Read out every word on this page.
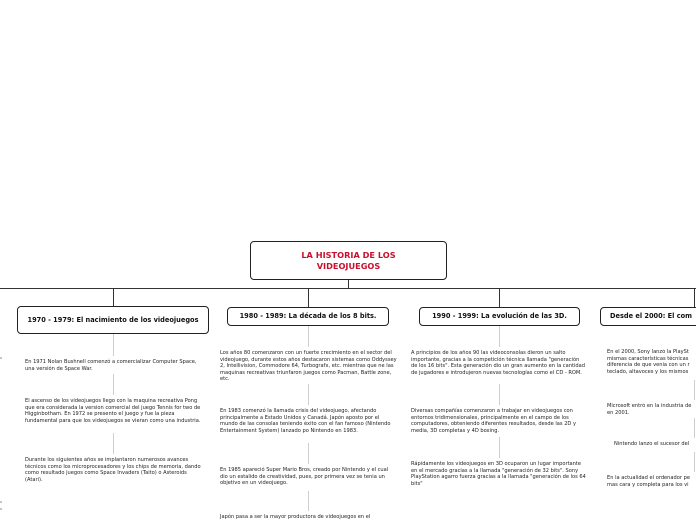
LA HISTORIA DE LOS VIDEOJUEGOS
1970 - 1979: El nacimiento de los videojuegos
En 1971 Nolan Bushnell comenzó a comercializar Computer Space, una versión de Space War.
El ascenso de los videojuegos llego con la maquina recreativa Pong que era considerada la version comercial del juego Tennis for two de Higginbotham. En 1972 se presento el juego y fue la pieza fundamental para que los videojuegos se vieran como una industria.
Durante los siguientes años se implantaron numerosos avances técnicos como los microprocesadores y los chips de memoria, dando como resultado juegos como Space Invaders (Taito) o Asteroids (Atari).
1980 - 1989: La década de los 8 bits.
Los años 80 comenzaron con un fuerte crecimiento en el sector del videojuego, durante estos años destacaron sistemas como Oddyssey 2, Intellivision, Commodore 64, Turbografx, etc. mientras que ne las maquinas recreativas triunfaron juegos como Pacman, Battle zone, etc.
En 1983 comenzó la llamada crisis del videojuego, afectando principalmente a Estado Unidos y Canadá. Japón aposto por el mundo de las consolas teniendo éxito con el fan famoso (Nintendo Entertainment System) lanzado po Nintendo en 1983.
En 1985 apareció Super Mario Bros, creado por Nintendo y el cual dio un estalido de creatividad, pues, por primera vez se tenia un objetivo en un videojuego.
Japón pasa a ser la mayor productora de videojuegos en el
1990 - 1999: La evolución de las 3D.
A principios de los años 90 las videoconsolas dieron un salto importante, gracias a la competición técnica llamada "generación de los 16 bits". Esta generación dio un gran aumento en la cantidad de jugadores e introdujeron nuevas tecnologías como el CD - ROM.
Diversas compañías comenzaron a trabajar en videojuegos con entornos tridimensionales, principalmente en el campo de los computadores, obteniendo diferentes resultados, desde las 2D y media, 3D completas y 4D boxing.
Rápidamente los videojuegos en 3D ocuparon un lugar importante en el mercado gracias a la llamada "generación de 32 bits". Sony PlayStation agarro fuerza gracias a la llamada "generación de los 64 bits"
Desde el 2000: El com
En el 2000, Sony lanzó la PlaySt
mismas características técnicas
diferencia de que venia con un r
teclado, altavoces y los mismos
Microsoft entró en la industria de
en 2001.
Nintendo lanzo el sucesor del
En la actualidad el ordenador pe
mas cara y completa para los vi
